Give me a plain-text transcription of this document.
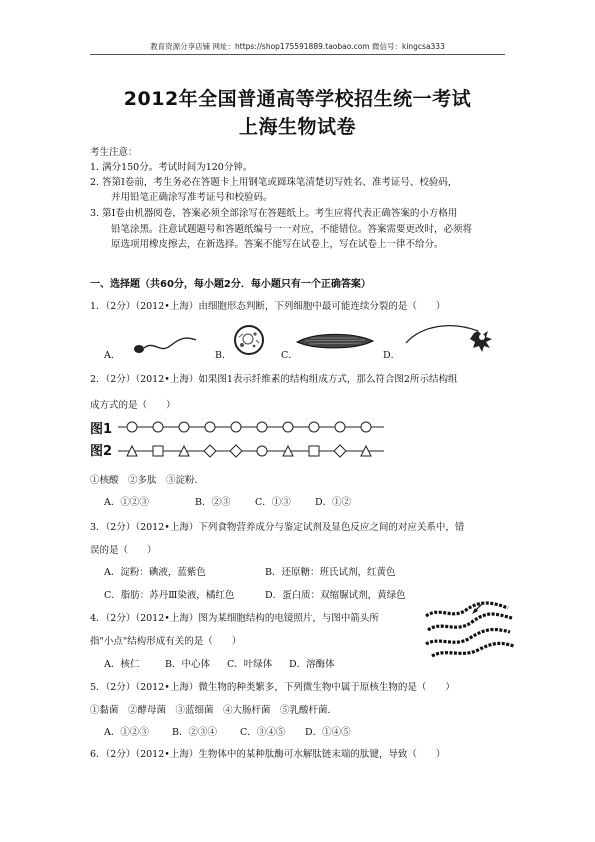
教育资源分享店铺 网址：https://shop175591889.taobao.com 微信号：kingcsa333
2012年全国普通高等学校招生统一考试
上海生物试卷
考生注意：
1. 满分150分。考试时间为120分钟。
2. 答第Ⅰ卷前，考生务必在答题卡上用钢笔或圆珠笔清楚切写姓名、准考证号、校验码，
并用铅笔正确涂写准考证号和校验码。
3. 第Ⅰ卷由机器阅卷，答案必须全部涂写在答题纸上。考生应将代表正确答案的小方格用
铅笔涂黑。注意试题题号和答题纸编号一一对应，不能错位。答案需要更改时，必须将
原选项用橡皮擦去，在新选择。答案不能写在试卷上，写在试卷上一律不给分。
一、选择题（共60分，每小题2分．每小题只有一个正确答案）
1．（2分）（2012•上海）由细胞形态判断，下列细胞中最可能连续分裂的是（　　）
A．	B．	C．	D．
2．（2分）（2012•上海）如果图1表示纤维素的结构组成方式，那么符合图2所示结构组
成方式的是（　　）
图1
图2
①核酸　②多肽　③淀粉．
A．①②③	B．②③	C．①③	D．①②
3．（2分）（2012•上海）下列食物营养成分与鉴定试剂及显色反应之间的对应关系中，错
误的是（　　）
A．淀粉：碘液，蓝紫色	B．还原糖：班氏试剂，红黄色
C．脂肪：苏丹Ⅲ染液，橘红色	D．蛋白质：双缩脲试剂，黄绿色
4．（2分）（2012•上海）图为某细胞结构的电镜照片，与图中箭头所
指"小点"结构形成有关的是（　　）
A．核仁	B．中心体 C．叶绿体 D．溶酶体
5．（2分）（2012•上海）微生物的种类繁多，下列微生物中属于原核生物的是（　　）
①黏菌　②酵母菌　③蓝细菌　④大肠杆菌　⑤乳酸杆菌．
A．①②③ B．②③④ C．③④⑤ D．①④⑤
6．（2分）（2012•上海）生物体中的某种肽酶可水解肽链末端的肽键，导致（　　）
